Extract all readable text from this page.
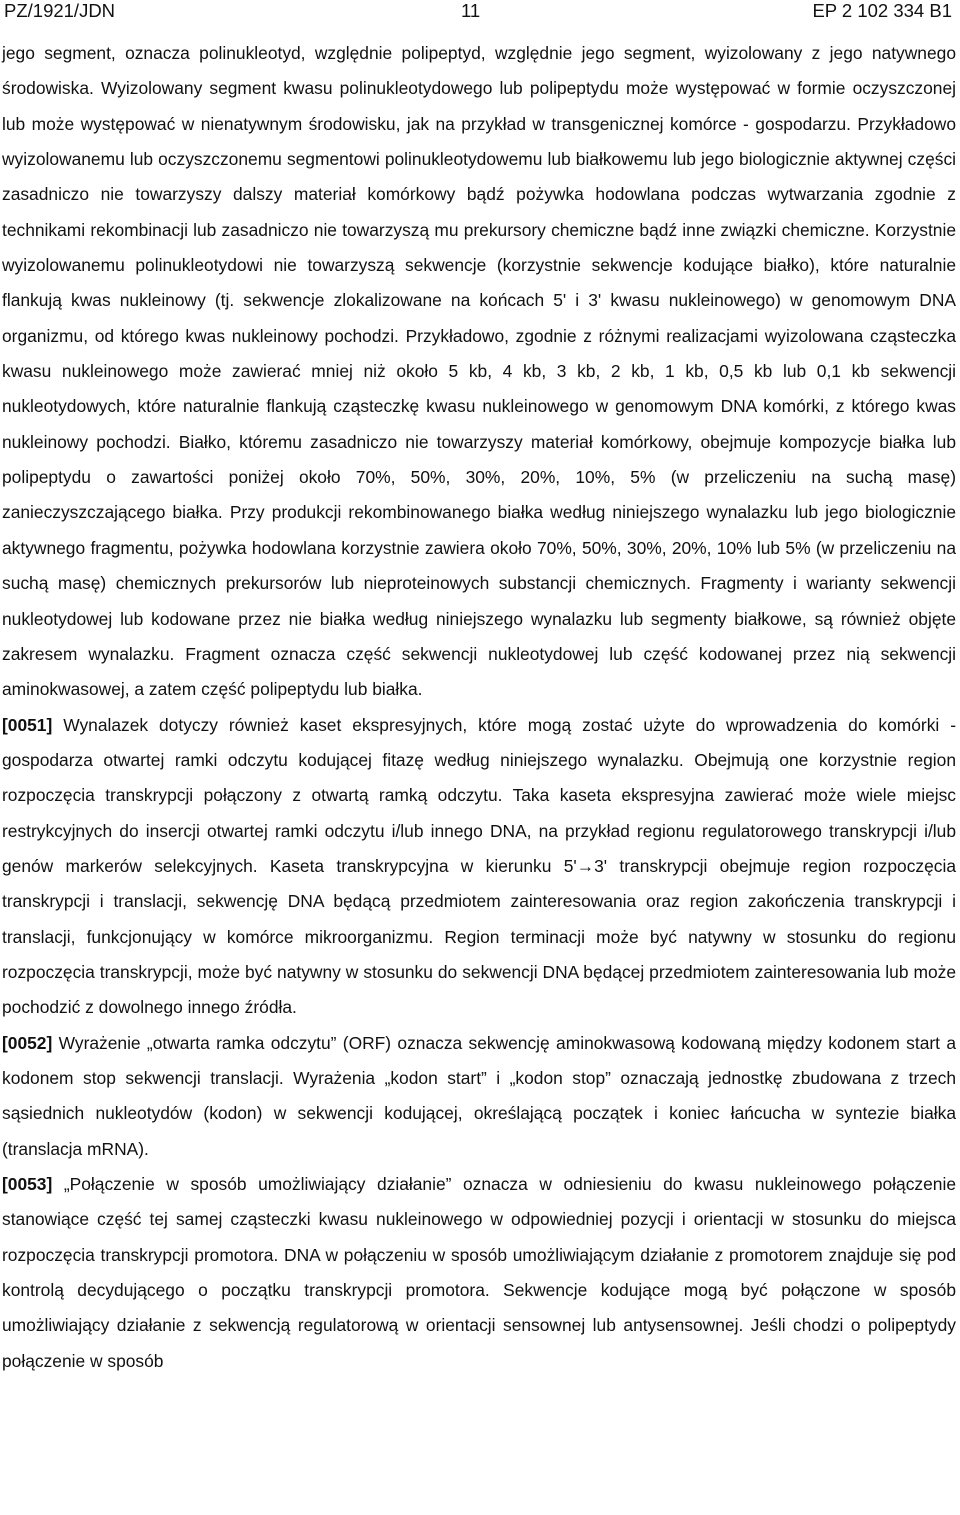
PZ/1921/JDN	11	EP 2 102 334 B1

jego segment, oznacza polinukleotyd, względnie polipeptyd, względnie jego segment, wyizolowany z jego natywnego środowiska. Wyizolowany segment kwasu polinukleotydowego lub polipeptydu może występować w formie oczyszczonej lub może występować w nienatywnym środowisku, jak na przykład w transgenicznej komórce - gospodarzu. Przykładowo wyizolowanemu lub oczyszczonemu segmentowi polinukleotydowemu lub białkowemu lub jego biologicznie aktywnej części zasadniczo nie towarzyszy dalszy materiał komórkowy bądź pożywka hodowlana podczas wytwarzania zgodnie z technikami rekombinacji lub zasadniczo nie towarzyszą mu prekursory chemiczne bądź inne związki chemiczne. Korzystnie wyizolowanemu polinukleotydowi nie towarzyszą sekwencje (korzystnie sekwencje kodujące białko), które naturalnie flankują kwas nukleinowy (tj. sekwencje zlokalizowane na końcach 5' i 3' kwasu nukleinowego) w genomowym DNA organizmu, od którego kwas nukleinowy pochodzi. Przykładowo, zgodnie z różnymi realizacjami wyizolowana cząsteczka kwasu nukleinowego może zawierać mniej niż około 5 kb, 4 kb, 3 kb, 2 kb, 1 kb, 0,5 kb lub 0,1 kb sekwencji nukleotydowych, które naturalnie flankują cząsteczkę kwasu nukleinowego w genomowym DNA komórki, z którego kwas nukleinowy pochodzi. Białko, któremu zasadniczo nie towarzyszy materiał komórkowy, obejmuje kompozycje białka lub polipeptydu o zawartości poniżej około 70%, 50%, 30%, 20%, 10%, 5% (w przeliczeniu na suchą masę) zanieczyszczającego białka. Przy produkcji rekombinowanego białka według niniejszego wynalazku lub jego biologicznie aktywnego fragmentu, pożywka hodowlana korzystnie zawiera około 70%, 50%, 30%, 20%, 10% lub 5% (w przeliczeniu na suchą masę) chemicznych prekursorów lub nieproteinowych substancji chemicznych. Fragmenty i warianty sekwencji nukleotydowej lub kodowane przez nie białka według niniejszego wynalazku lub segmenty białkowe, są również objęte zakresem wynalazku. Fragment oznacza część sekwencji nukleotydowej lub część kodowanej przez nią sekwencji aminokwasowej, a zatem część polipeptydu lub białka.

[0051] Wynalazek dotyczy również kaset ekspresyjnych, które mogą zostać użyte do wprowadzenia do komórki - gospodarza otwartej ramki odczytu kodującej fitazę według niniejszego wynalazku. Obejmują one korzystnie region rozpoczęcia transkrypcji połączony z otwartą ramką odczytu. Taka kaseta ekspresyjna zawierać może wiele miejsc restrykcyjnych do insercji otwartej ramki odczytu i/lub innego DNA, na przykład regionu regulatorowego transkrypcji i/lub genów markerów selekcyjnych. Kaseta transkrypcyjna w kierunku 5'→3' transkrypcji obejmuje region rozpoczęcia transkrypcji i translacji, sekwencję DNA będącą przedmiotem zainteresowania oraz region zakończenia transkrypcji i translacji, funkcjonujący w komórce mikroorganizmu. Region terminacji może być natywny w stosunku do regionu rozpoczęcia transkrypcji, może być natywny w stosunku do sekwencji DNA będącej przedmiotem zainteresowania lub może pochodzić z dowolnego innego źródła.

[0052] Wyrażenie „otwarta ramka odczytu” (ORF) oznacza sekwencję aminokwasową kodowaną między kodonem start a kodonem stop sekwencji translacji. Wyrażenia „kodon start” i „kodon stop” oznaczają jednostkę zbudowana z trzech sąsiednich nukleotydów (kodon) w sekwencji kodującej, określającą początek i koniec łańcucha w syntezie białka (translacja mRNA).

[0053] „Połączenie w sposób umożliwiający działanie” oznacza w odniesieniu do kwasu nukleinowego połączenie stanowiące część tej samej cząsteczki kwasu nukleinowego w odpowiedniej pozycji i orientacji w stosunku do miejsca rozpoczęcia transkrypcji promotora. DNA w połączeniu w sposób umożliwiającym działanie z promotorem znajduje się pod kontrolą decydującego o początku transkrypcji promotora. Sekwencje kodujące mogą być połączone w sposób umożliwiający działanie z sekwencją regulatorową w orientacji sensownej lub antysensownej. Jeśli chodzi o polipeptydy połączenie w sposób
